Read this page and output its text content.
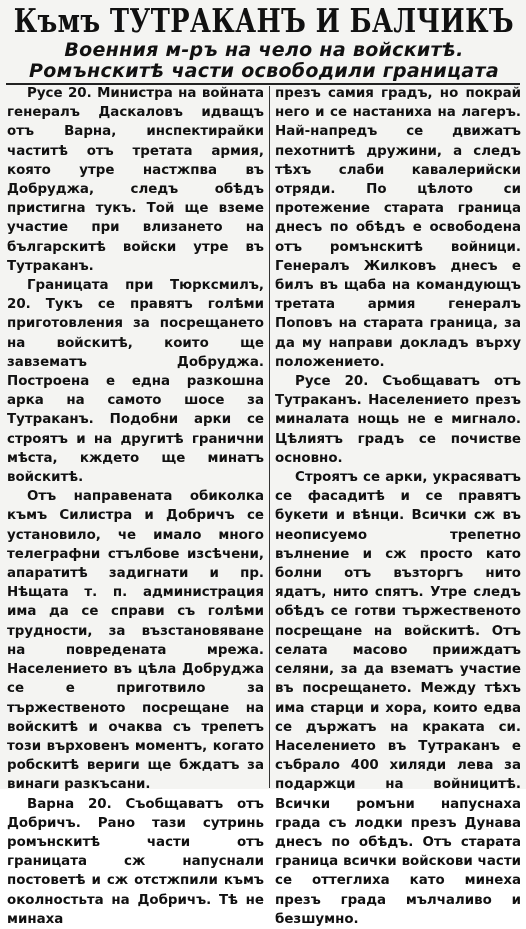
Къмъ ТУТРАКАНЪ И БАЛЧИКЪ
Военния м-ръ на чело на войскитѣ. Ромънскитѣ части освободили границата

Русе 20. Министра на войната генералъ Даскаловъ идващъ отъ Варна, инспектирайки частитѣ отъ третата армия, която утре настжпва въ Добруджа, следъ обѣдъ пристигна тукъ. Той ще вземе участие при влизането на българскитѣ войски утре въ Тутраканъ.

Границата при Тюрксмилъ, 20. Тукъ се правятъ голѣми приготовления за посрещането на войскитѣ, които ще завзематъ Добруджа. Построена е една разкошна арка на самото шосе за Тутраканъ. Подобни арки се строятъ и на другитѣ гранични мѣста, кждето ще минатъ войскитѣ.

Отъ направената обиколка къмъ Силистра и Добричъ се установило, че имало много телеграфни стълбове изсѣчени, апаратитѣ задигнати и пр. Нѣщата т. п. администрация има да се справи съ голѣми трудности, за възстановяване на повредената мрежа. Населението въ цѣла Добруджа се е приготвило за тържественото посрещане на войскитѣ и очаква съ трепетъ този върховенъ моментъ, когато робскитѣ вериги ще бждатъ за винаги разкъсани.

Варна 20. Съобщаватъ отъ Добричъ. Рано тази сутринь ромънскитѣ части отъ границата сж напуснали постоветѣ и сж отстжпили къмъ околностьта на Добричъ. Тѣ не минаха

презъ самия градъ, но покрай него и се настаниха на лагеръ. Най-напредъ се движатъ пехотнитѣ дружини, а следъ тѣхъ слаби кавалерийски отряди. По цѣлото си протежение старата граница днесъ по обѣдъ е освободена отъ ромънскитѣ войници. Генералъ Жилковъ днесъ е билъ въ щаба на командующъ третата армия генералъ Поповъ на старата граница, за да му направи докладъ върху положението.

Русе 20. Съобщаватъ отъ Тутраканъ. Населението презъ миналата нощь не е мигнало. Цѣлиятъ градъ се почистве основно.

Строятъ се арки, украсяватъ се фасадитѣ и се правятъ букети и вѣнци. Всички сж въ неописуемо трепетно вълнение и сж просто като болни отъ възторгъ нито ядатъ, нито спятъ. Утре следъ обѣдъ се готви тържественото посрещане на войскитѣ. Отъ селата масово прииждатъ селяни, за да взематъ участие въ посрещането. Между тѣхъ има старци и хора, които едва се държатъ на краката си. Населението въ Тутраканъ е събрало 400 хиляди лева за подаржци на войницитѣ. Всички ромъни напуснаха града съ лодки презъ Дунава днесъ по обѣдъ. Отъ старата граница всички войскови части се оттеглиха като минеха презъ града мълчаливо и безшумно.
